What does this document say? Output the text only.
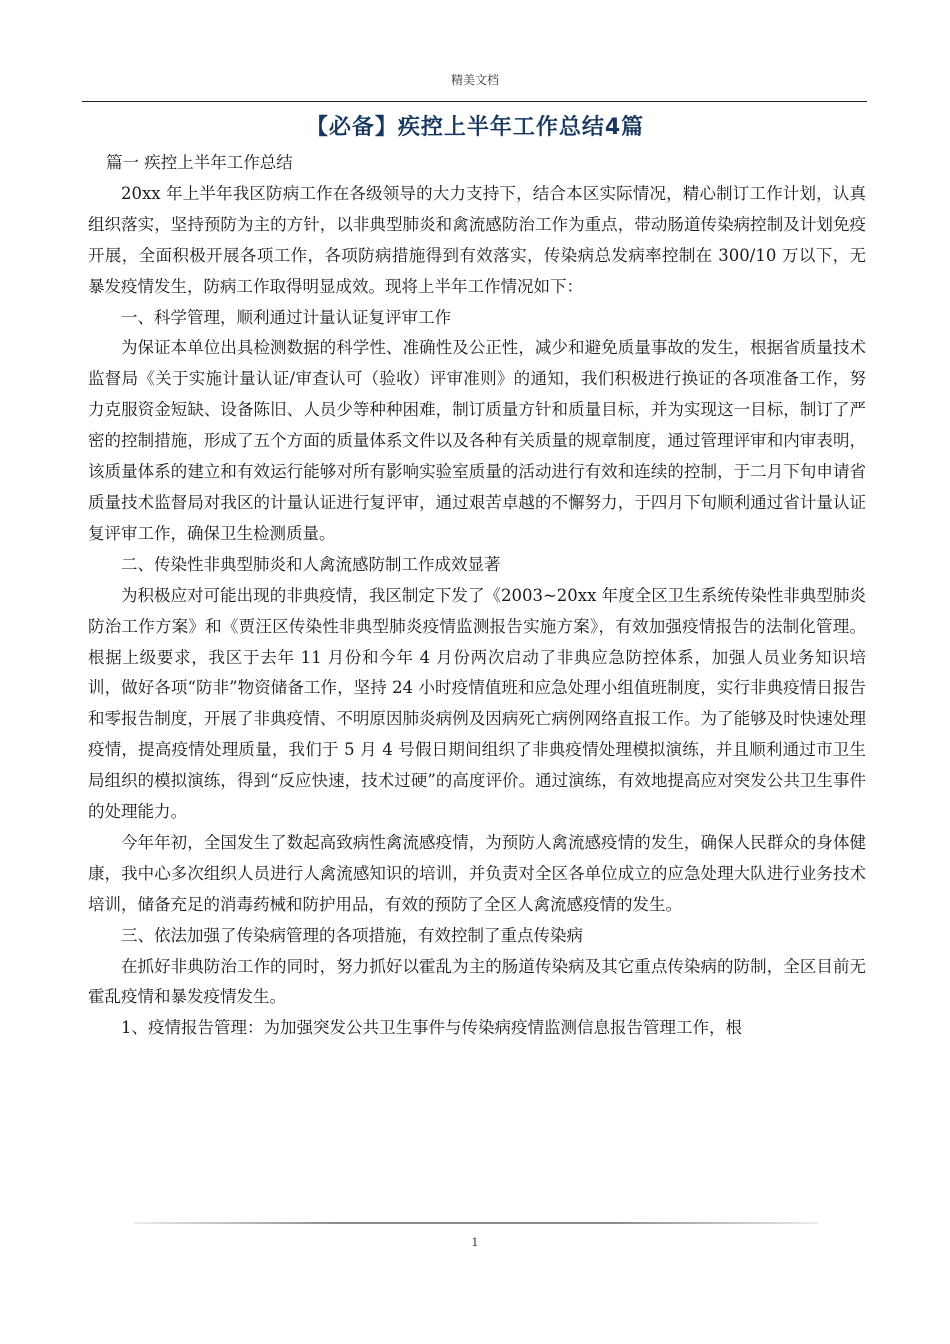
精美文档
【必备】疾控上半年工作总结4篇

篇一 疾控上半年工作总结

20xx 年上半年我区防病工作在各级领导的大力支持下，结合本区实际情况，精心制订工作计划，认真组织落实，坚持预防为主的方针，以非典型肺炎和禽流感防治工作为重点，带动肠道传染病控制及计划免疫开展，全面积极开展各项工作，各项防病措施得到有效落实，传染病总发病率控制在 300/10 万以下，无暴发疫情发生，防病工作取得明显成效。现将上半年工作情况如下：

一、科学管理，顺利通过计量认证复评审工作

为保证本单位出具检测数据的科学性、准确性及公正性，减少和避免质量事故的发生，根据省质量技术监督局《关于实施计量认证/审查认可（验收）评审准则》的通知，我们积极进行换证的各项准备工作，努力克服资金短缺、设备陈旧、人员少等种种困难，制订质量方针和质量目标，并为实现这一目标，制订了严密的控制措施，形成了五个方面的质量体系文件以及各种有关质量的规章制度，通过管理评审和内审表明，该质量体系的建立和有效运行能够对所有影响实验室质量的活动进行有效和连续的控制，于二月下旬申请省质量技术监督局对我区的计量认证进行复评审，通过艰苦卓越的不懈努力，于四月下旬顺利通过省计量认证复评审工作，确保卫生检测质量。

二、传染性非典型肺炎和人禽流感防制工作成效显著

为积极应对可能出现的非典疫情，我区制定下发了《2003~20xx 年度全区卫生系统传染性非典型肺炎防治工作方案》和《贾汪区传染性非典型肺炎疫情监测报告实施方案》，有效加强疫情报告的法制化管理。根据上级要求，我区于去年 11 月份和今年 4 月份两次启动了非典应急防控体系，加强人员业务知识培训，做好各项“防非”物资储备工作，坚持 24 小时疫情值班和应急处理小组值班制度，实行非典疫情日报告和零报告制度，开展了非典疫情、不明原因肺炎病例及因病死亡病例网络直报工作。为了能够及时快速处理疫情，提高疫情处理质量，我们于 5 月 4 号假日期间组织了非典疫情处理模拟演练，并且顺利通过市卫生局组织的模拟演练，得到“反应快速，技术过硬”的高度评价。通过演练，有效地提高应对突发公共卫生事件的处理能力。

今年年初，全国发生了数起高致病性禽流感疫情，为预防人禽流感疫情的发生，确保人民群众的身体健康，我中心多次组织人员进行人禽流感知识的培训，并负责对全区各单位成立的应急处理大队进行业务技术培训，储备充足的消毒药械和防护用品，有效的预防了全区人禽流感疫情的发生。

三、依法加强了传染病管理的各项措施，有效控制了重点传染病

在抓好非典防治工作的同时，努力抓好以霍乱为主的肠道传染病及其它重点传染病的防制，全区目前无霍乱疫情和暴发疫情发生。

1、疫情报告管理：为加强突发公共卫生事件与传染病疫情监测信息报告管理工作，根

1
